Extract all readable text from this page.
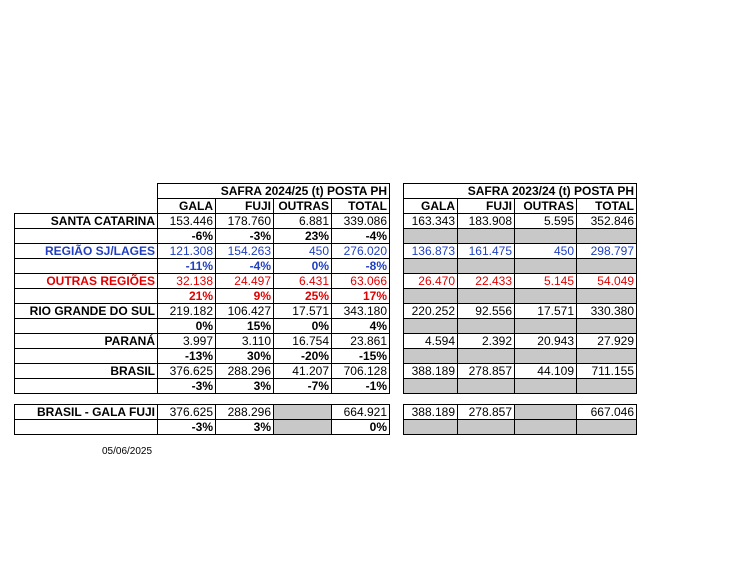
	SAFRA 2024/25 (t) POSTA PH					SAFRA 2023/24 (t) POSTA PH			
	GALA	FUJI	OUTRAS	TOTAL		GALA	FUJI	OUTRAS	TOTAL
SANTA CATARINA	153.446	178.760	6.881	339.086		163.343	183.908	5.595	352.846
	-6%	-3%	23%	-4%					
REGIÃO SJ/LAGES	121.308	154.263	450	276.020		136.873	161.475	450	298.797
	-11%	-4%	0%	-8%					
OUTRAS REGIÕES	32.138	24.497	6.431	63.066		26.470	22.433	5.145	54.049
	21%	9%	25%	17%					
RIO GRANDE DO SUL	219.182	106.427	17.571	343.180		220.252	92.556	17.571	330.380
	0%	15%	0%	4%					
PARANÁ	3.997	3.110	16.754	23.861		4.594	2.392	20.943	27.929
	-13%	30%	-20%	-15%					
BRASIL	376.625	288.296	41.207	706.128		388.189	278.857	44.109	711.155
	-3%	3%	-7%	-1%					

BRASIL - GALA FUJI	376.625	288.296		664.921		388.189	278.857		667.046
	-3%	3%		0%					
05/06/2025
